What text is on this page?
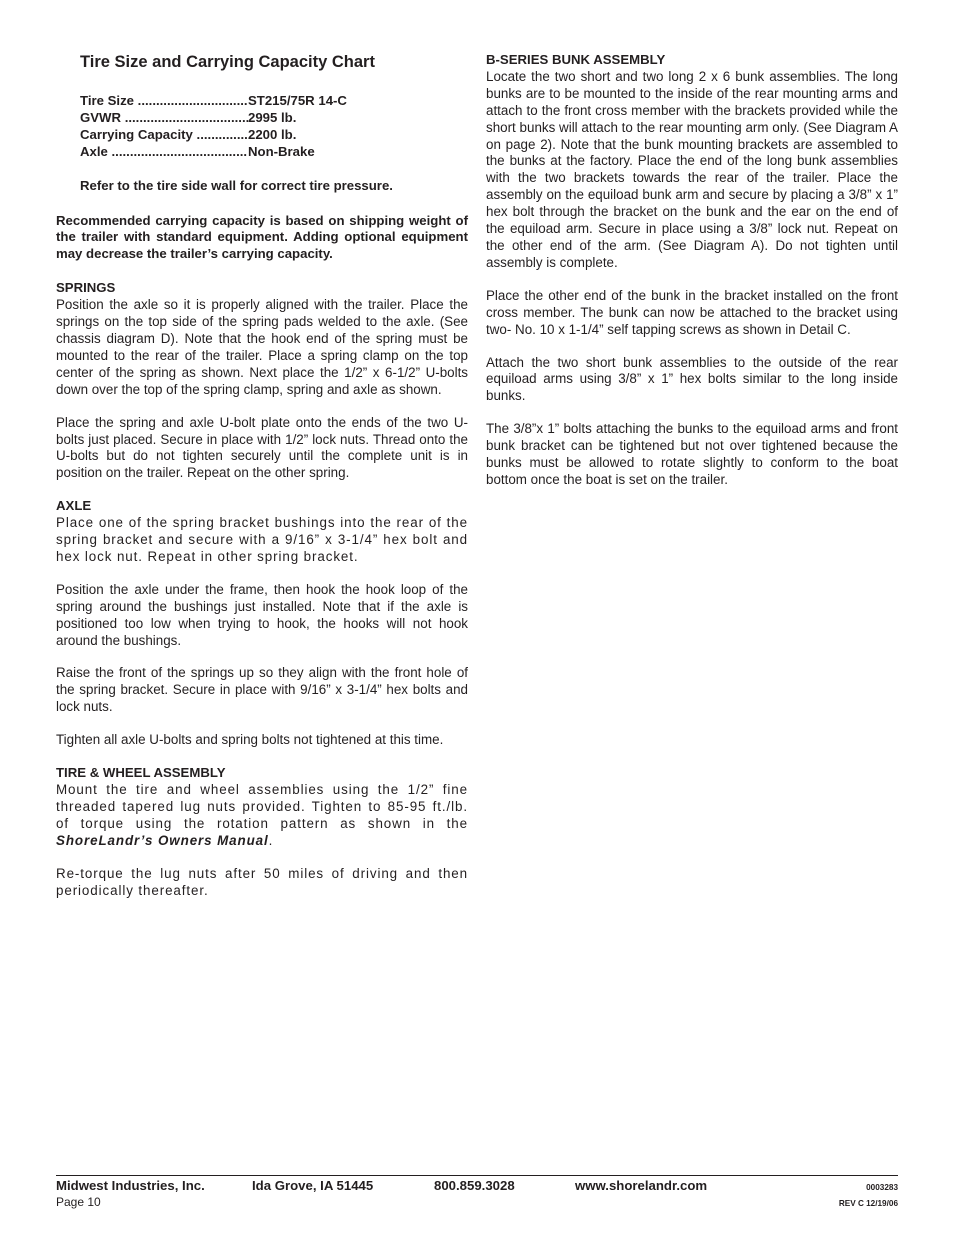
Tire Size and Carrying Capacity Chart
Tire Size .....	ST215/75R 14-C
GVWR .....	2995 lb.
Carrying Capacity .....	2200 lb.
Axle .....	Non-Brake
Refer to the tire side wall for correct tire pressure.
Recommended carrying capacity is based on shipping weight of the trailer with standard equipment. Adding optional equipment may decrease the trailer’s carrying capacity.
SPRINGS

Position the axle so it is properly aligned with the trailer. Place the springs on the top side of the spring pads welded to the axle. (See chassis diagram D). Note that the hook end of the spring must be mounted to the rear of the trailer. Place a spring clamp on the top center of the spring as shown. Next place the 1/2” x 6-1/2” U-bolts down over the top of the spring clamp, spring and axle as shown.

Place the spring and axle U-bolt plate onto the ends of the two U-bolts just placed. Secure in place with 1/2” lock nuts. Thread onto the U-bolts but do not tighten securely until the complete unit is in position on the trailer. Repeat on the other spring.

AXLE

Place one of the spring bracket bushings into the rear of the spring bracket and secure with a 9/16” x 3-1/4” hex bolt and hex lock nut. Repeat in other spring bracket.

Position the axle under the frame, then hook the hook loop of the spring around the bushings just installed. Note that if the axle is positioned too low when trying to hook, the hooks will not hook around the bushings.

Raise the front of the springs up so they align with the front hole of the spring bracket. Secure in place with 9/16” x 3-1/4” hex bolts and lock nuts.

Tighten all axle U-bolts and spring bolts not tightened at this time.

TIRE & WHEEL ASSEMBLY

Mount the tire and wheel assemblies using the 1/2” fine threaded tapered lug nuts provided. Tighten to 85-95 ft./lb. of torque using the rotation pattern as shown in the ShoreLandr’s Owners Manual.

Re-torque the lug nuts after 50 miles of driving and then periodically thereafter.

B-SERIES BUNK ASSEMBLY

Locate the two short and two long 2 x 6 bunk assemblies. The long bunks are to be mounted to the inside of the rear mounting arms and attach to the front cross member with the brackets provided while the short bunks will attach to the rear mounting arm only. (See Diagram A on page 2). Note that the bunk mounting brackets are assembled to the bunks at the factory. Place the end of the long bunk assemblies with the two brackets towards the rear of the trailer. Place the assembly on the equiload bunk arm and secure by placing a 3/8” x 1” hex bolt through the bracket on the bunk and the ear on the end of the equiload arm. Secure in place using a 3/8” lock nut. Repeat on the other end of the arm. (See Diagram A). Do not tighten until assembly is complete.

Place the other end of the bunk in the bracket installed on the front cross member. The bunk can now be attached to the bracket using two- No. 10 x 1-1/4” self tapping screws as shown in Detail C.

Attach the two short bunk assemblies to the outside of the rear equiload arms using 3/8” x 1” hex bolts similar to the long inside bunks.

The 3/8”x 1” bolts attaching the bunks to the equiload arms and front bunk bracket can be tightened but not over tightened because the bunks must be allowed to rotate slightly to conform to the boat bottom once the boat is set on the trailer.

Midwest Industries, Inc.	Ida Grove, IA 51445	800.859.3028	www.shorelandr.com
Page 10
0003283
REV C 12/19/06
